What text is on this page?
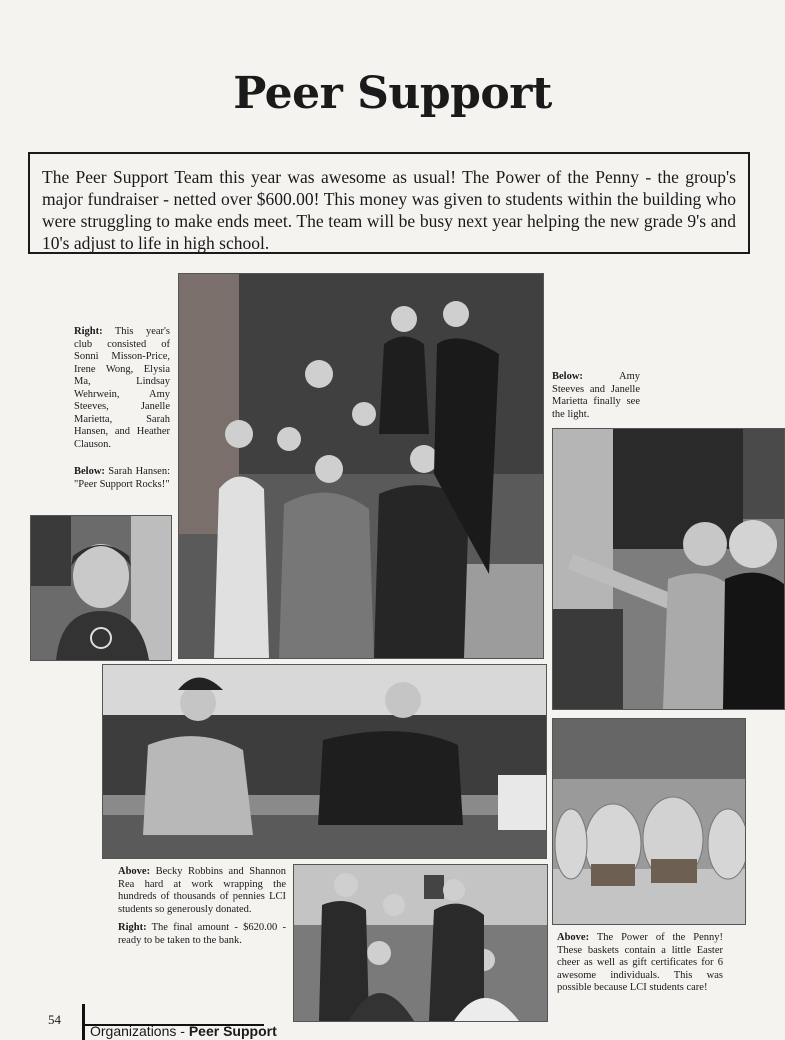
Peer Support
The Peer Support Team this year was awesome as usual! The Power of the Penny - the group's major fundraiser - netted over $600.00! This money was given to students within the building who were struggling to make ends meet. The team will be busy next year helping the new grade 9's and 10's adjust to life in high school.
Right: This year's club consisted of Sonni Misson-Price, Irene Wong, Elysia Ma, Lindsay Wehrwein, Amy Steeves, Janelle Marietta, Sarah Hansen, and Heather Clauson.
Below: Sarah Hansen: "Peer Support Rocks!"
Below: Amy Steeves and Janelle Marietta finally see the light.
Above: Becky Robbins and Shannon Rea hard at work wrapping the hundreds of thousands of pennies LCI students so generously donated.
Right: The final amount - $620.00 - ready to be taken to the bank.	Above: The Power of the Penny! These baskets contain a little Easter cheer as well as gift certificates for 6 awesome individuals. This was possible because LCI students care!
54
Organizations - Peer Support
